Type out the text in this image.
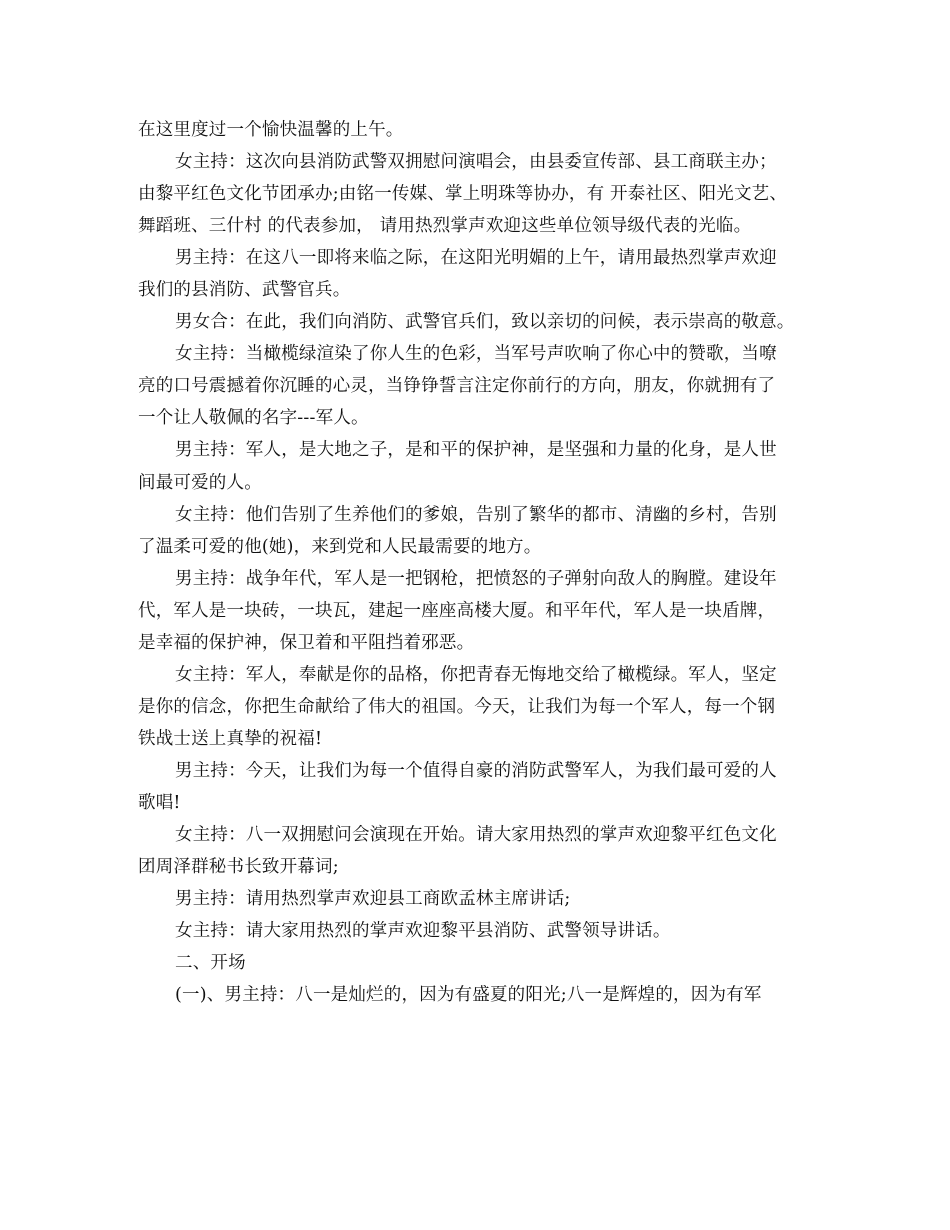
在这里度过一个愉快温馨的上午。
女主持：这次向县消防武警双拥慰问演唱会，由县委宣传部、县工商联主办；
由黎平红色文化节团承办;由铭一传媒、掌上明珠等协办，有 开泰社区、阳光文艺、
舞蹈班、三什村 的代表参加， 请用热烈掌声欢迎这些单位领导级代表的光临。
男主持：在这八一即将来临之际，在这阳光明媚的上午，请用最热烈掌声欢迎
我们的县消防、武警官兵。
男女合：在此，我们向消防、武警官兵们，致以亲切的问候，表示崇高的敬意。
女主持：当橄榄绿渲染了你人生的色彩，当军号声吹响了你心中的赞歌，当嘹
亮的口号震撼着你沉睡的心灵，当铮铮誓言注定你前行的方向，朋友，你就拥有了
一个让人敬佩的名字---军人。
男主持：军人，是大地之子，是和平的保护神，是坚强和力量的化身，是人世
间最可爱的人。
女主持：他们告别了生养他们的爹娘，告别了繁华的都市、清幽的乡村，告别
了温柔可爱的他(她)，来到党和人民最需要的地方。
男主持：战争年代，军人是一把钢枪，把愤怒的子弹射向敌人的胸膛。建设年
代，军人是一块砖，一块瓦，建起一座座高楼大厦。和平年代，军人是一块盾牌，
是幸福的保护神，保卫着和平阻挡着邪恶。
女主持：军人，奉献是你的品格，你把青春无悔地交给了橄榄绿。军人，坚定
是你的信念，你把生命献给了伟大的祖国。今天，让我们为每一个军人，每一个钢
铁战士送上真挚的祝福!
男主持：今天，让我们为每一个值得自豪的消防武警军人，为我们最可爱的人
歌唱!
女主持：八一双拥慰问会演现在开始。请大家用热烈的掌声欢迎黎平红色文化
团周泽群秘书长致开幕词;
男主持：请用热烈掌声欢迎县工商欧孟林主席讲话;
女主持：请大家用热烈的掌声欢迎黎平县消防、武警领导讲话。
二、开场
(一)、男主持：八一是灿烂的，因为有盛夏的阳光;八一是辉煌的，因为有军
